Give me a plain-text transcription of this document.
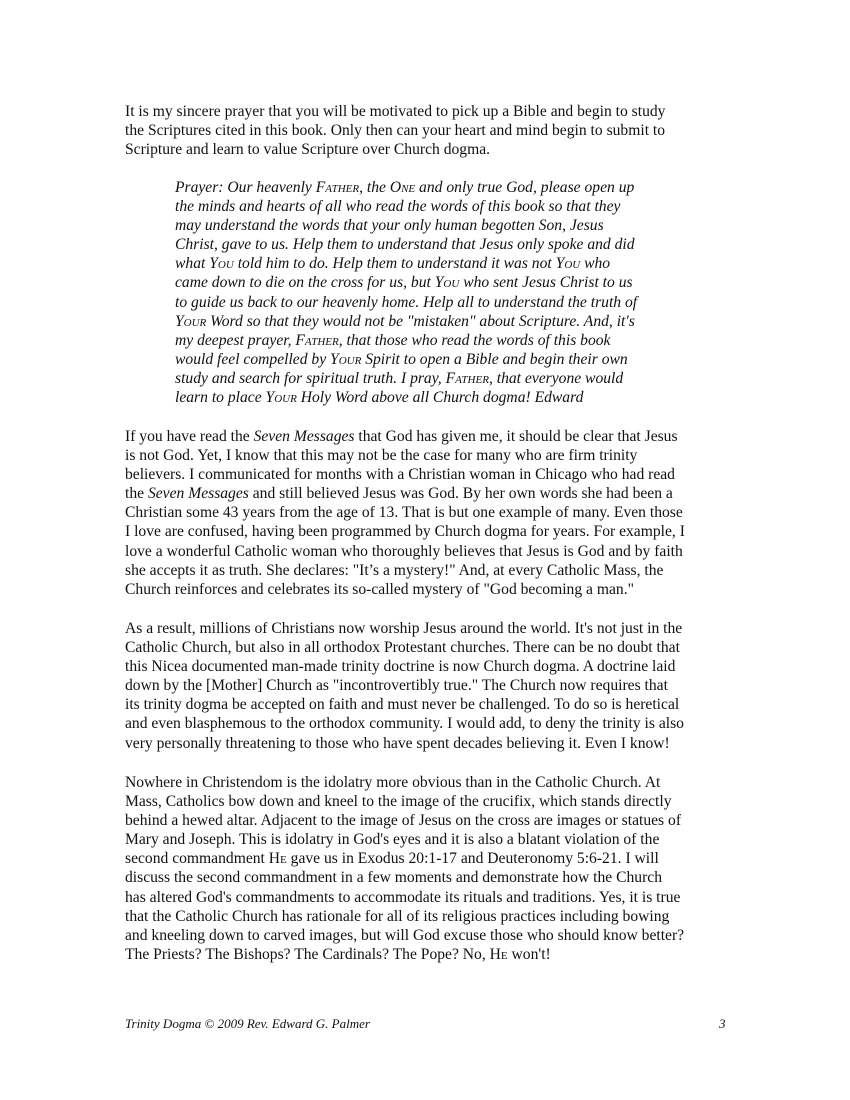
It is my sincere prayer that you will be motivated to pick up a Bible and begin to study
the Scriptures cited in this book. Only then can your heart and mind begin to submit to
Scripture and learn to value Scripture over Church dogma.

Prayer: Our heavenly Father, the One and only true God, please open up
the minds and hearts of all who read the words of this book so that they
may understand the words that your only human begotten Son, Jesus
Christ, gave to us. Help them to understand that Jesus only spoke and did
what You told him to do. Help them to understand it was not You who
came down to die on the cross for us, but You who sent Jesus Christ to us
to guide us back to our heavenly home. Help all to understand the truth of
Your Word so that they would not be "mistaken" about Scripture. And, it's
my deepest prayer, Father, that those who read the words of this book
would feel compelled by Your Spirit to open a Bible and begin their own
study and search for spiritual truth. I pray, Father, that everyone would
learn to place Your Holy Word above all Church dogma! Edward

If you have read the Seven Messages that God has given me, it should be clear that Jesus
is not God. Yet, I know that this may not be the case for many who are firm trinity
believers. I communicated for months with a Christian woman in Chicago who had read
the Seven Messages and still believed Jesus was God. By her own words she had been a
Christian some 43 years from the age of 13. That is but one example of many. Even those
I love are confused, having been programmed by Church dogma for years. For example, I
love a wonderful Catholic woman who thoroughly believes that Jesus is God and by faith
she accepts it as truth. She declares: "It’s a mystery!" And, at every Catholic Mass, the
Church reinforces and celebrates its so-called mystery of "God becoming a man."

As a result, millions of Christians now worship Jesus around the world. It's not just in the
Catholic Church, but also in all orthodox Protestant churches. There can be no doubt that
this Nicea documented man-made trinity doctrine is now Church dogma. A doctrine laid
down by the [Mother] Church as "incontrovertibly true." The Church now requires that
its trinity dogma be accepted on faith and must never be challenged. To do so is heretical
and even blasphemous to the orthodox community. I would add, to deny the trinity is also
very personally threatening to those who have spent decades believing it. Even I know!

Nowhere in Christendom is the idolatry more obvious than in the Catholic Church. At
Mass, Catholics bow down and kneel to the image of the crucifix, which stands directly
behind a hewed altar. Adjacent to the image of Jesus on the cross are images or statues of
Mary and Joseph. This is idolatry in God's eyes and it is also a blatant violation of the
second commandment He gave us in Exodus 20:1-17 and Deuteronomy 5:6-21. I will
discuss the second commandment in a few moments and demonstrate how the Church
has altered God's commandments to accommodate its rituals and traditions. Yes, it is true
that the Catholic Church has rationale for all of its religious practices including bowing
and kneeling down to carved images, but will God excuse those who should know better?
The Priests? The Bishops? The Cardinals? The Pope? No, He won't!

Trinity Dogma © 2009 Rev. Edward G. Palmer	3
